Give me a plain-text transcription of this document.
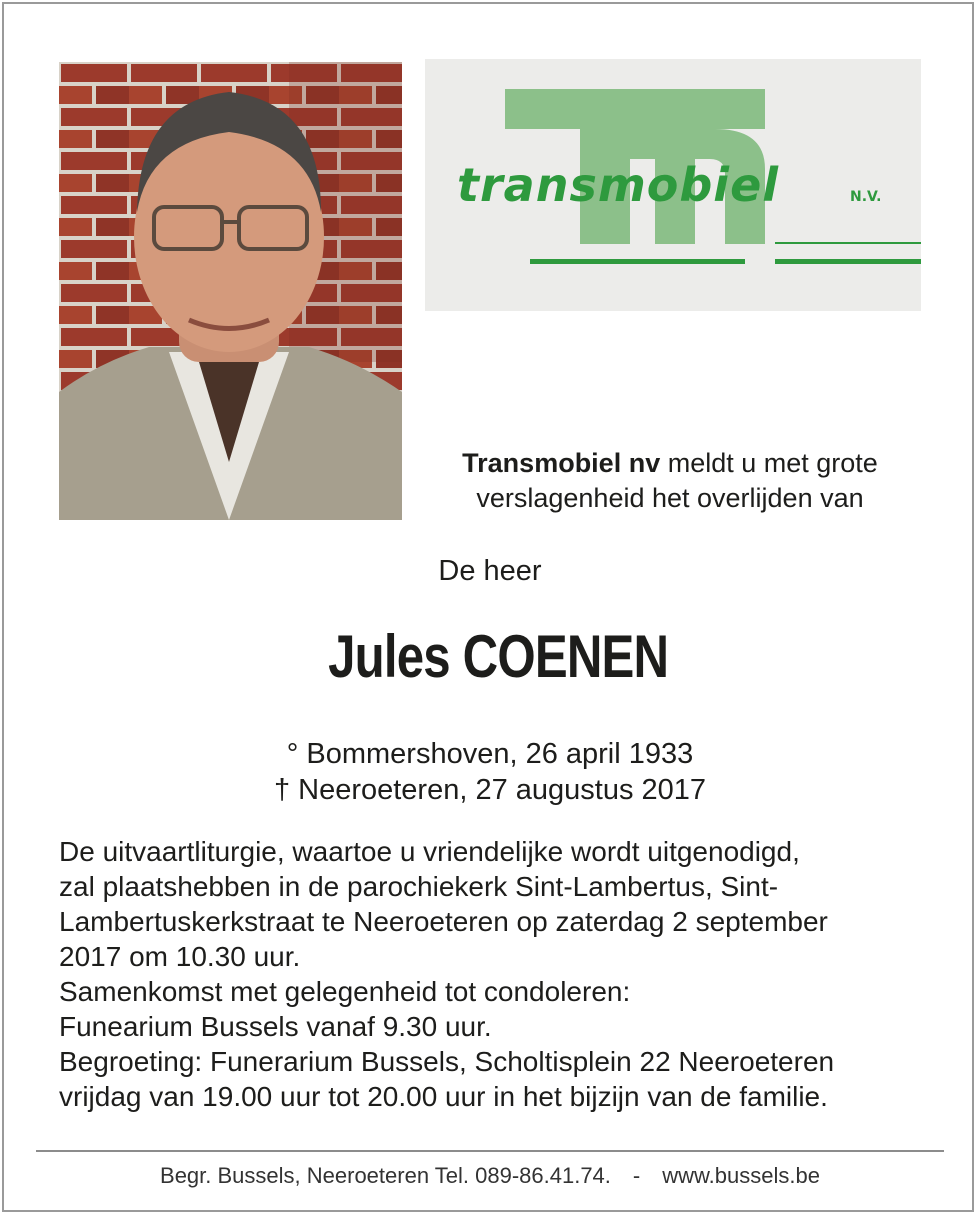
transmobiel	N.V.
Transmobiel nv meldt u met grote
verslagenheid het overlijden van
De heer
Jules COENEN
° Bommershoven, 26 april 1933
† Neeroeteren, 27 augustus 2017
De uitvaartliturgie, waartoe u vriendelijke wordt uitgenodigd,
zal plaatshebben in de parochiekerk Sint-Lambertus, Sint-
Lambertuskerkstraat te Neeroeteren op zaterdag 2 september
2017 om 10.30 uur.
Samenkomst met gelegenheid tot condoleren:
Funearium Bussels vanaf 9.30 uur.
Begroeting: Funerarium Bussels, Scholtisplein 22 Neeroeteren
vrijdag van 19.00 uur tot 20.00 uur in het bijzijn van de familie.
Begr. Bussels, Neeroeteren Tel. 089-86.41.74. - www.bussels.be
